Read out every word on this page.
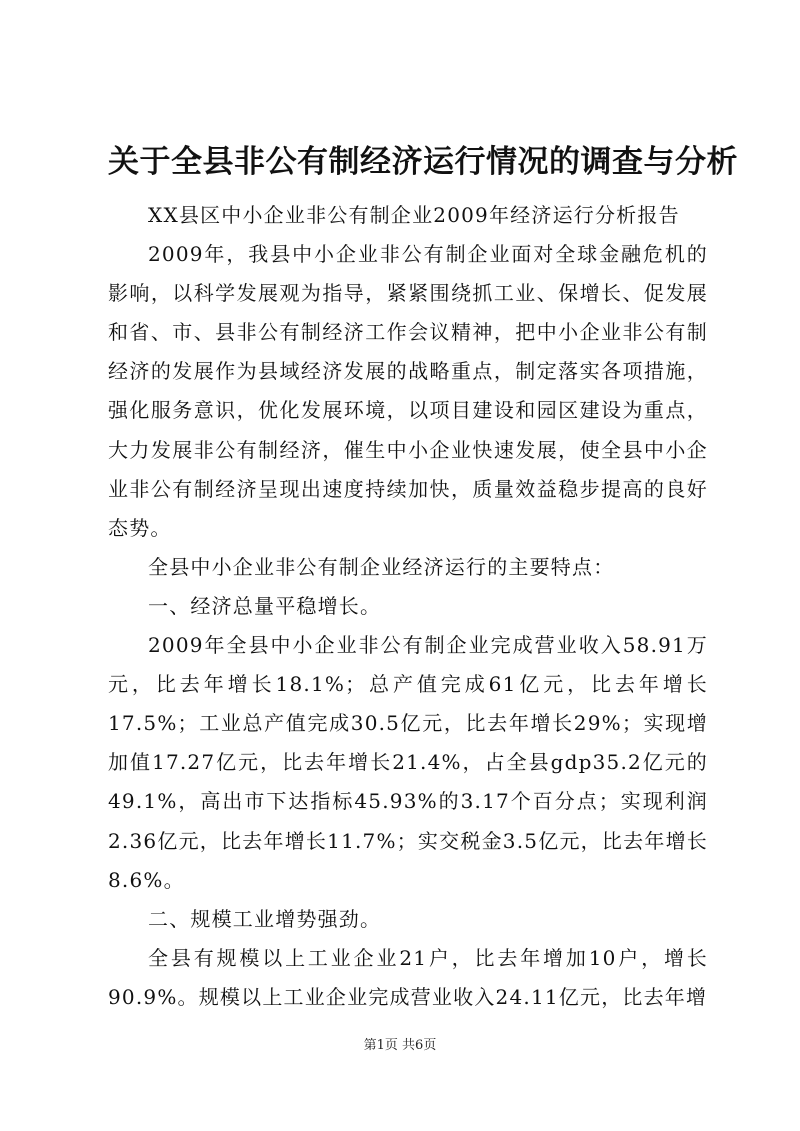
关于全县非公有制经济运行情况的调查与分析

XX县区中小企业非公有制企业2009年经济运行分析报告

2009年，我县中小企业非公有制企业面对全球金融危机的影响，以科学发展观为指导，紧紧围绕抓工业、保增长、促发展和省、市、县非公有制经济工作会议精神，把中小企业非公有制经济的发展作为县域经济发展的战略重点，制定落实各项措施，强化服务意识，优化发展环境，以项目建设和园区建设为重点，大力发展非公有制经济，催生中小企业快速发展，使全县中小企业非公有制经济呈现出速度持续加快，质量效益稳步提高的良好态势。

全县中小企业非公有制企业经济运行的主要特点：

一、经济总量平稳增长。

2009年全县中小企业非公有制企业完成营业收入58.91万元，比去年增长18.1%；总产值完成61亿元，比去年增长17.5%；工业总产值完成30.5亿元，比去年增长29%；实现增加值17.27亿元，比去年增长21.4%，占全县gdp35.2亿元的49.1%，高出市下达指标45.93%的3.17个百分点；实现利润2.36亿元，比去年增长11.7%；实交税金3.5亿元，比去年增长8.6%。

二、规模工业增势强劲。

全县有规模以上工业企业21户，比去年增加10户，增长90.9%。规模以上工业企业完成营业收入24.11亿元，比去年增

第1页 共6页
